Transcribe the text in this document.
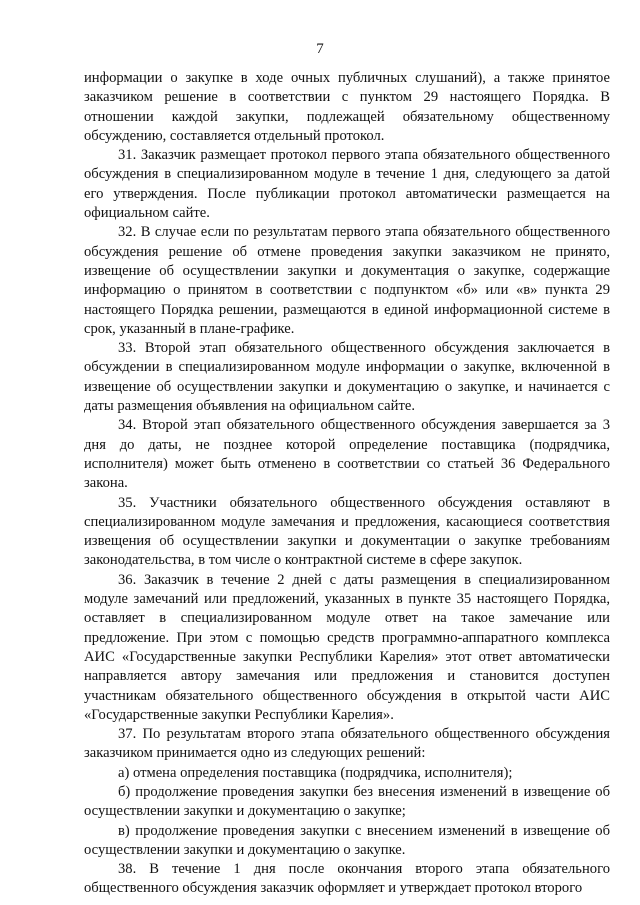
7

информации о закупке в ходе очных публичных слушаний), а также принятое заказчиком решение в соответствии с пунктом 29 настоящего Порядка. В отношении каждой закупки, подлежащей обязательному общественному обсуждению, составляется отдельный протокол.

31. Заказчик размещает протокол первого этапа обязательного общественного обсуждения в специализированном модуле в течение 1 дня, следующего за датой его утверждения. После публикации протокол автоматически размещается на официальном сайте.

32. В случае если по результатам первого этапа обязательного общественного обсуждения решение об отмене проведения закупки заказчиком не принято, извещение об осуществлении закупки и документация о закупке, содержащие информацию о принятом в соответствии с подпунктом «б» или «в» пункта 29 настоящего Порядка решении, размещаются в единой информационной системе в срок, указанный в плане-графике.

33. Второй этап обязательного общественного обсуждения заключается в обсуждении в специализированном модуле информации о закупке, включенной в извещение об осуществлении закупки и документацию о закупке, и начинается с даты размещения объявления на официальном сайте.

34. Второй этап обязательного общественного обсуждения завершается за 3 дня до даты, не позднее которой определение поставщика (подрядчика, исполнителя) может быть отменено в соответствии со статьей 36 Федерального закона.

35. Участники обязательного общественного обсуждения оставляют в специализированном модуле замечания и предложения, касающиеся соответствия извещения об осуществлении закупки и документации о закупке требованиям законодательства, в том числе о контрактной системе в сфере закупок.

36. Заказчик в течение 2 дней с даты размещения в специализированном модуле замечаний или предложений, указанных в пункте 35 настоящего Порядка, оставляет в специализированном модуле ответ на такое замечание или предложение. При этом с помощью средств программно-аппаратного комплекса АИС «Государственные закупки Республики Карелия» этот ответ автоматически направляется автору замечания или предложения и становится доступен участникам обязательного общественного обсуждения в открытой части АИС «Государственные закупки Республики Карелия».

37. По результатам второго этапа обязательного общественного обсуждения заказчиком принимается одно из следующих решений:

а) отмена определения поставщика (подрядчика, исполнителя);

б) продолжение проведения закупки без внесения изменений в извещение об осуществлении закупки и документацию о закупке;

в) продолжение проведения закупки с внесением изменений в извещение об осуществлении закупки и документацию о закупке.

38. В течение 1 дня после окончания второго этапа обязательного общественного обсуждения заказчик оформляет и утверждает протокол второго
